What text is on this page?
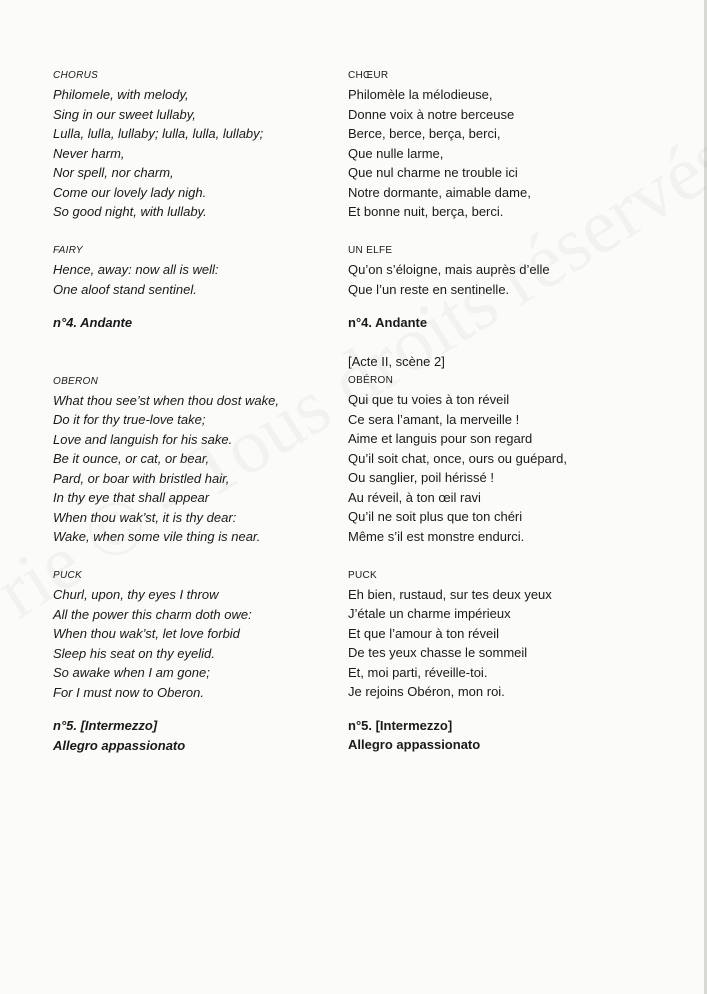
CHORUS
Philomele, with melody,
Sing in our sweet lullaby,
Lulla, lulla, lullaby; lulla, lulla, lullaby;
Never harm,
Nor spell, nor charm,
Come our lovely lady nigh.
So good night, with lullaby.
FAIRY
Hence, away: now all is well:
One aloof stand sentinel.
n°4. Andante
OBERON
What thou see’st when thou dost wake,
Do it for thy true-love take;
Love and languish for his sake.
Be it ounce, or cat, or bear,
Pard, or boar with bristled hair,
In thy eye that shall appear
When thou wak’st, it is thy dear:
Wake, when some vile thing is near.
PUCK
Churl, upon, thy eyes I throw
All the power this charm doth owe:
When thou wak’st, let love forbid
Sleep his seat on thy eyelid.
So awake when I am gone;
For I must now to Oberon.
n°5. [Intermezzo]
Allegro appassionato
CHŒUR
Philomèle la mélodieuse,
Donne voix à notre berceuse
Berce, berce, berça, berci,
Que nulle larme,
Que nul charme ne trouble ici
Notre dormante, aimable dame,
Et bonne nuit, berça, berci.
UN ELFE
Qu’on s’éloigne, mais auprès d’elle
Que l’un reste en sentinelle.
n°4. Andante
[Acte II, scène 2]
OBÉRON
Qui que tu voies à ton réveil
Ce sera l’amant, la merveille !
Aime et languis pour son regard
Qu’il soit chat, once, ours ou guépard,
Ou sanglier, poil hérissé !
Au réveil, à ton œil ravi
Qu’il ne soit plus que ton chéri
Même s’il est monstre endurci.
PUCK
Eh bien, rustaud, sur tes deux yeux
J’étale un charme impérieux
Et que l’amour à ton réveil
De tes yeux chasse le sommeil
Et, moi parti, réveille-toi.
Je rejoins Obéron, mon roi.
n°5. [Intermezzo]
Allegro appassionato
